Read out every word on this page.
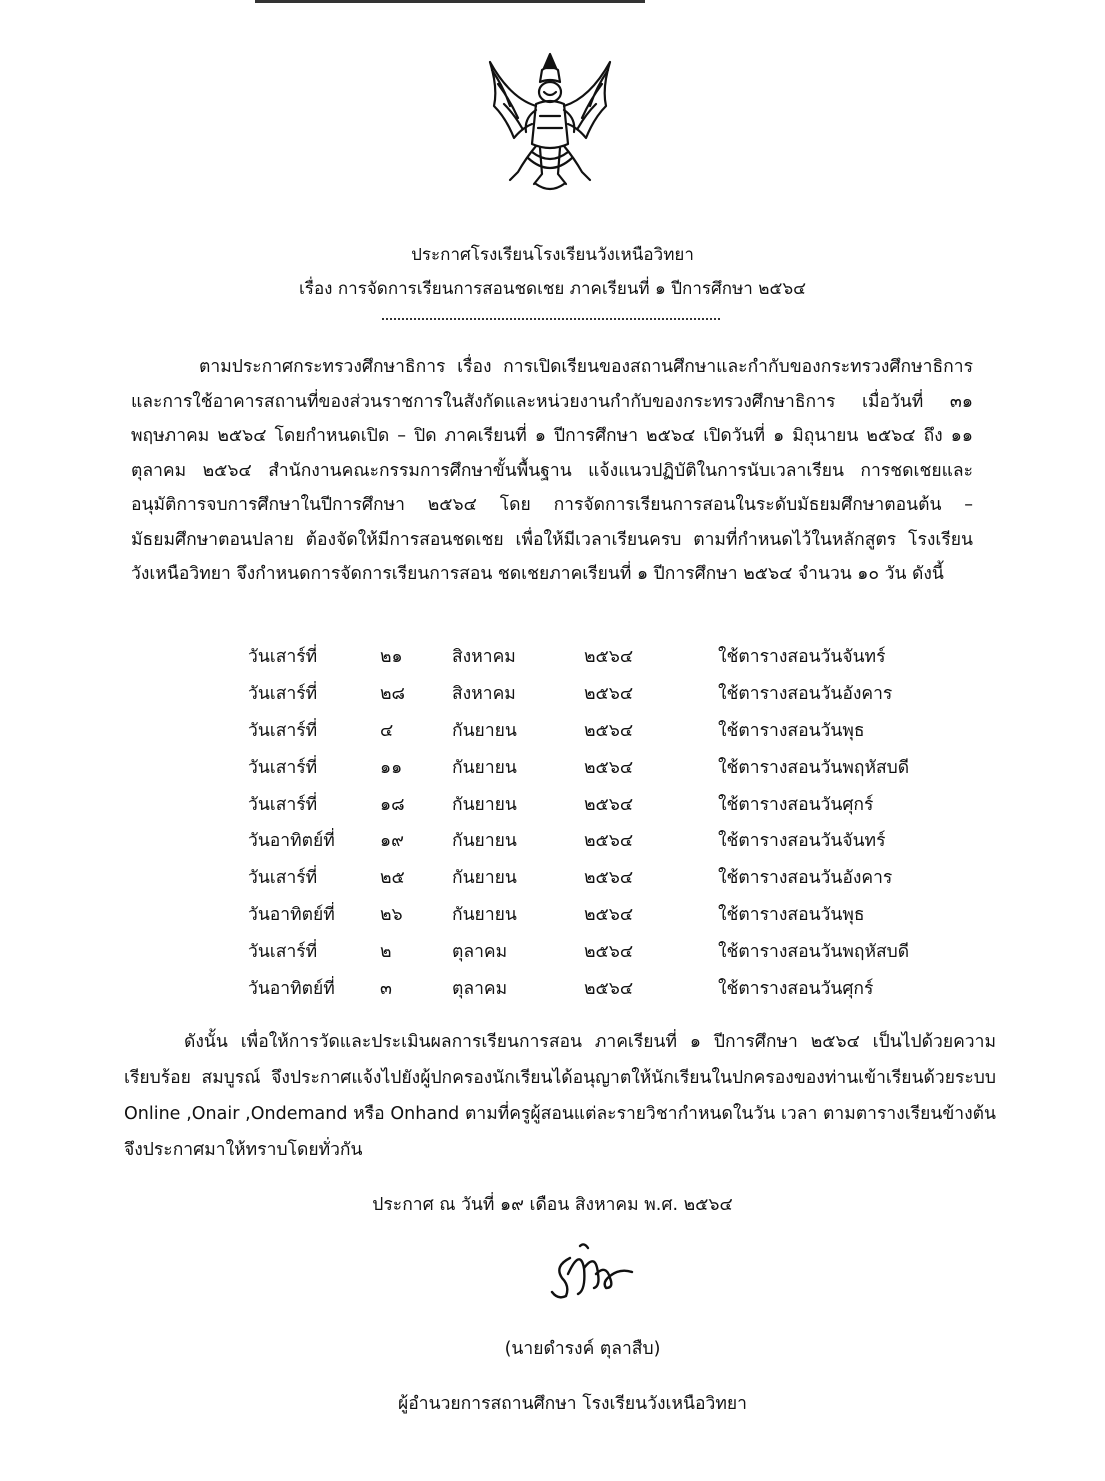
ประกาศโรงเรียนโรงเรียนวังเหนือวิทยา
เรื่อง การจัดการเรียนการสอนชดเชย ภาคเรียนที่ ๑ ปีการศึกษา ๒๕๖๔
ตามประกาศกระทรวงศึกษาธิการ เรื่อง การเปิดเรียนของสถานศึกษาและกำกับของกระทรวงศึกษาธิการ และการใช้อาคารสถานที่ของส่วนราชการในสังกัดและหน่วยงานกำกับของกระทรวงศึกษาธิการ เมื่อวันที่ ๓๑ พฤษภาคม ๒๕๖๔ โดยกำหนดเปิด – ปิด ภาคเรียนที่ ๑ ปีการศึกษา ๒๕๖๔ เปิดวันที่ ๑ มิถุนายน ๒๕๖๔ ถึง ๑๑ ตุลาคม ๒๕๖๔ สำนักงานคณะกรรมการศึกษาขั้นพื้นฐาน แจ้งแนวปฏิบัติในการนับเวลาเรียน การชดเชยและอนุมัติการจบการศึกษาในปีการศึกษา ๒๕๖๔ โดย การจัดการเรียนการสอนในระดับมัธยมศึกษาตอนต้น – มัธยมศึกษาตอนปลาย ต้องจัดให้มีการสอนชดเชย เพื่อให้มีเวลาเรียนครบ ตามที่กำหนดไว้ในหลักสูตร โรงเรียนวังเหนือวิทยา จึงกำหนดการจัดการเรียนการสอน ชดเชยภาคเรียนที่ ๑ ปีการศึกษา ๒๕๖๔ จำนวน ๑๐ วัน ดังนี้
วันเสาร์ที่	๒๑	สิงหาคม	๒๕๖๔	ใช้ตารางสอนวันจันทร์
วันเสาร์ที่	๒๘	สิงหาคม	๒๕๖๔	ใช้ตารางสอนวันอังคาร
วันเสาร์ที่	๔	กันยายน	๒๕๖๔	ใช้ตารางสอนวันพุธ
วันเสาร์ที่	๑๑	กันยายน	๒๕๖๔	ใช้ตารางสอนวันพฤหัสบดี
วันเสาร์ที่	๑๘	กันยายน	๒๕๖๔	ใช้ตารางสอนวันศุกร์
วันอาทิตย์ที่	๑๙	กันยายน	๒๕๖๔	ใช้ตารางสอนวันจันทร์
วันเสาร์ที่	๒๕	กันยายน	๒๕๖๔	ใช้ตารางสอนวันอังคาร
วันอาทิตย์ที่	๒๖	กันยายน	๒๕๖๔	ใช้ตารางสอนวันพุธ
วันเสาร์ที่	๒	ตุลาคม	๒๕๖๔	ใช้ตารางสอนวันพฤหัสบดี
วันอาทิตย์ที่	๓	ตุลาคม	๒๕๖๔	ใช้ตารางสอนวันศุกร์
ดังนั้น เพื่อให้การวัดและประเมินผลการเรียนการสอน ภาคเรียนที่ ๑ ปีการศึกษา ๒๕๖๔ เป็นไปด้วยความเรียบร้อย สมบูรณ์ จึงประกาศแจ้งไปยังผู้ปกครองนักเรียนได้อนุญาตให้นักเรียนในปกครองของท่านเข้าเรียนด้วยระบบ Online ,Onair ,Ondemand หรือ Onhand ตามที่ครูผู้สอนแต่ละรายวิชากำหนดในวัน เวลา ตามตารางเรียนข้างต้น จึงประกาศมาให้ทราบโดยทั่วกัน
ประกาศ ณ วันที่ ๑๙ เดือน สิงหาคม พ.ศ. ๒๕๖๔
(นายดำรงค์ ตุลาสืบ)
ผู้อำนวยการสถานศึกษา โรงเรียนวังเหนือวิทยา
